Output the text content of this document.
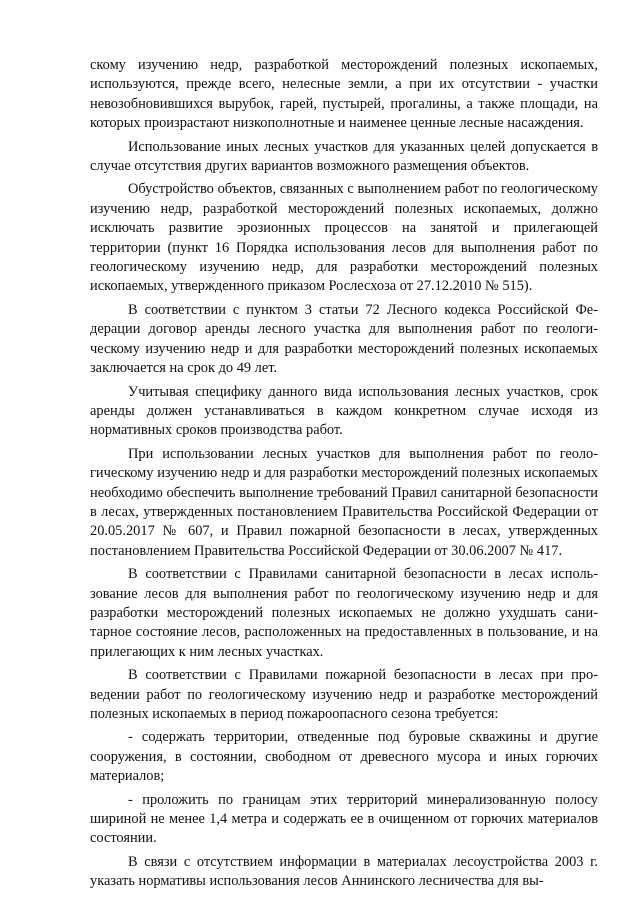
скому изучению недр, разработкой месторождений полезных ископаемых, используются, прежде всего, нелесные земли, а при их отсутствии - участки невозобновившихся вырубок, гарей, пустырей, прогалины, а также площади, на которых произрастают низкополнотные и наименее ценные лесные насаждения.

Использование иных лесных участков для указанных целей допускается в случае отсутствия других вариантов возможного размещения объектов.

Обустройство объектов, связанных с выполнением работ по геологическому изучению недр, разработкой месторождений полезных ископаемых, должно исключать развитие эрозионных процессов на занятой и прилегающей территории (пункт 16 Порядка использования лесов для выполнения работ по геологическому изучению недр, для разработки месторождений полезных ископаемых, утвержденного приказом Рослесхоза от 27.12.2010 № 515).

В соответствии с пунктом 3 статьи 72 Лесного кодекса Российской Федерации договор аренды лесного участка для выполнения работ по геологическому изучению недр и для разработки месторождений полезных ископаемых заключается на срок до 49 лет.

Учитывая специфику данного вида использования лесных участков, срок аренды должен устанавливаться в каждом конкретном случае исходя из нормативных сроков производства работ.

При использовании лесных участков для выполнения работ по геологическому изучению недр и для разработки месторождений полезных ископаемых необходимо обеспечить выполнение требований Правил санитарной безопасности в лесах, утвержденных постановлением Правительства Российской Федерации от 20.05.2017 № 607, и Правил пожарной безопасности в лесах, утвержденных постановлением Правительства Российской Федерации от 30.06.2007 № 417.

В соответствии с Правилами санитарной безопасности в лесах использование лесов для выполнения работ по геологическому изучению недр и для разработки месторождений полезных ископаемых не должно ухудшать санитарное состояние лесов, расположенных на предоставленных в пользование, и на прилегающих к ним лесных участках.

В соответствии с Правилами пожарной безопасности в лесах при проведении работ по геологическому изучению недр и разработке месторождений полезных ископаемых в период пожароопасного сезона требуется:

- содержать территории, отведенные под буровые скважины и другие сооружения, в состоянии, свободном от древесного мусора и иных горючих материалов;

- проложить по границам этих территорий минерализованную полосу шириной не менее 1,4 метра и содержать ее в очищенном от горючих материалов состоянии.

В связи с отсутствием информации в материалах лесоустройства 2003 г. указать нормативы использования лесов Аннинского лесничества для вы-
